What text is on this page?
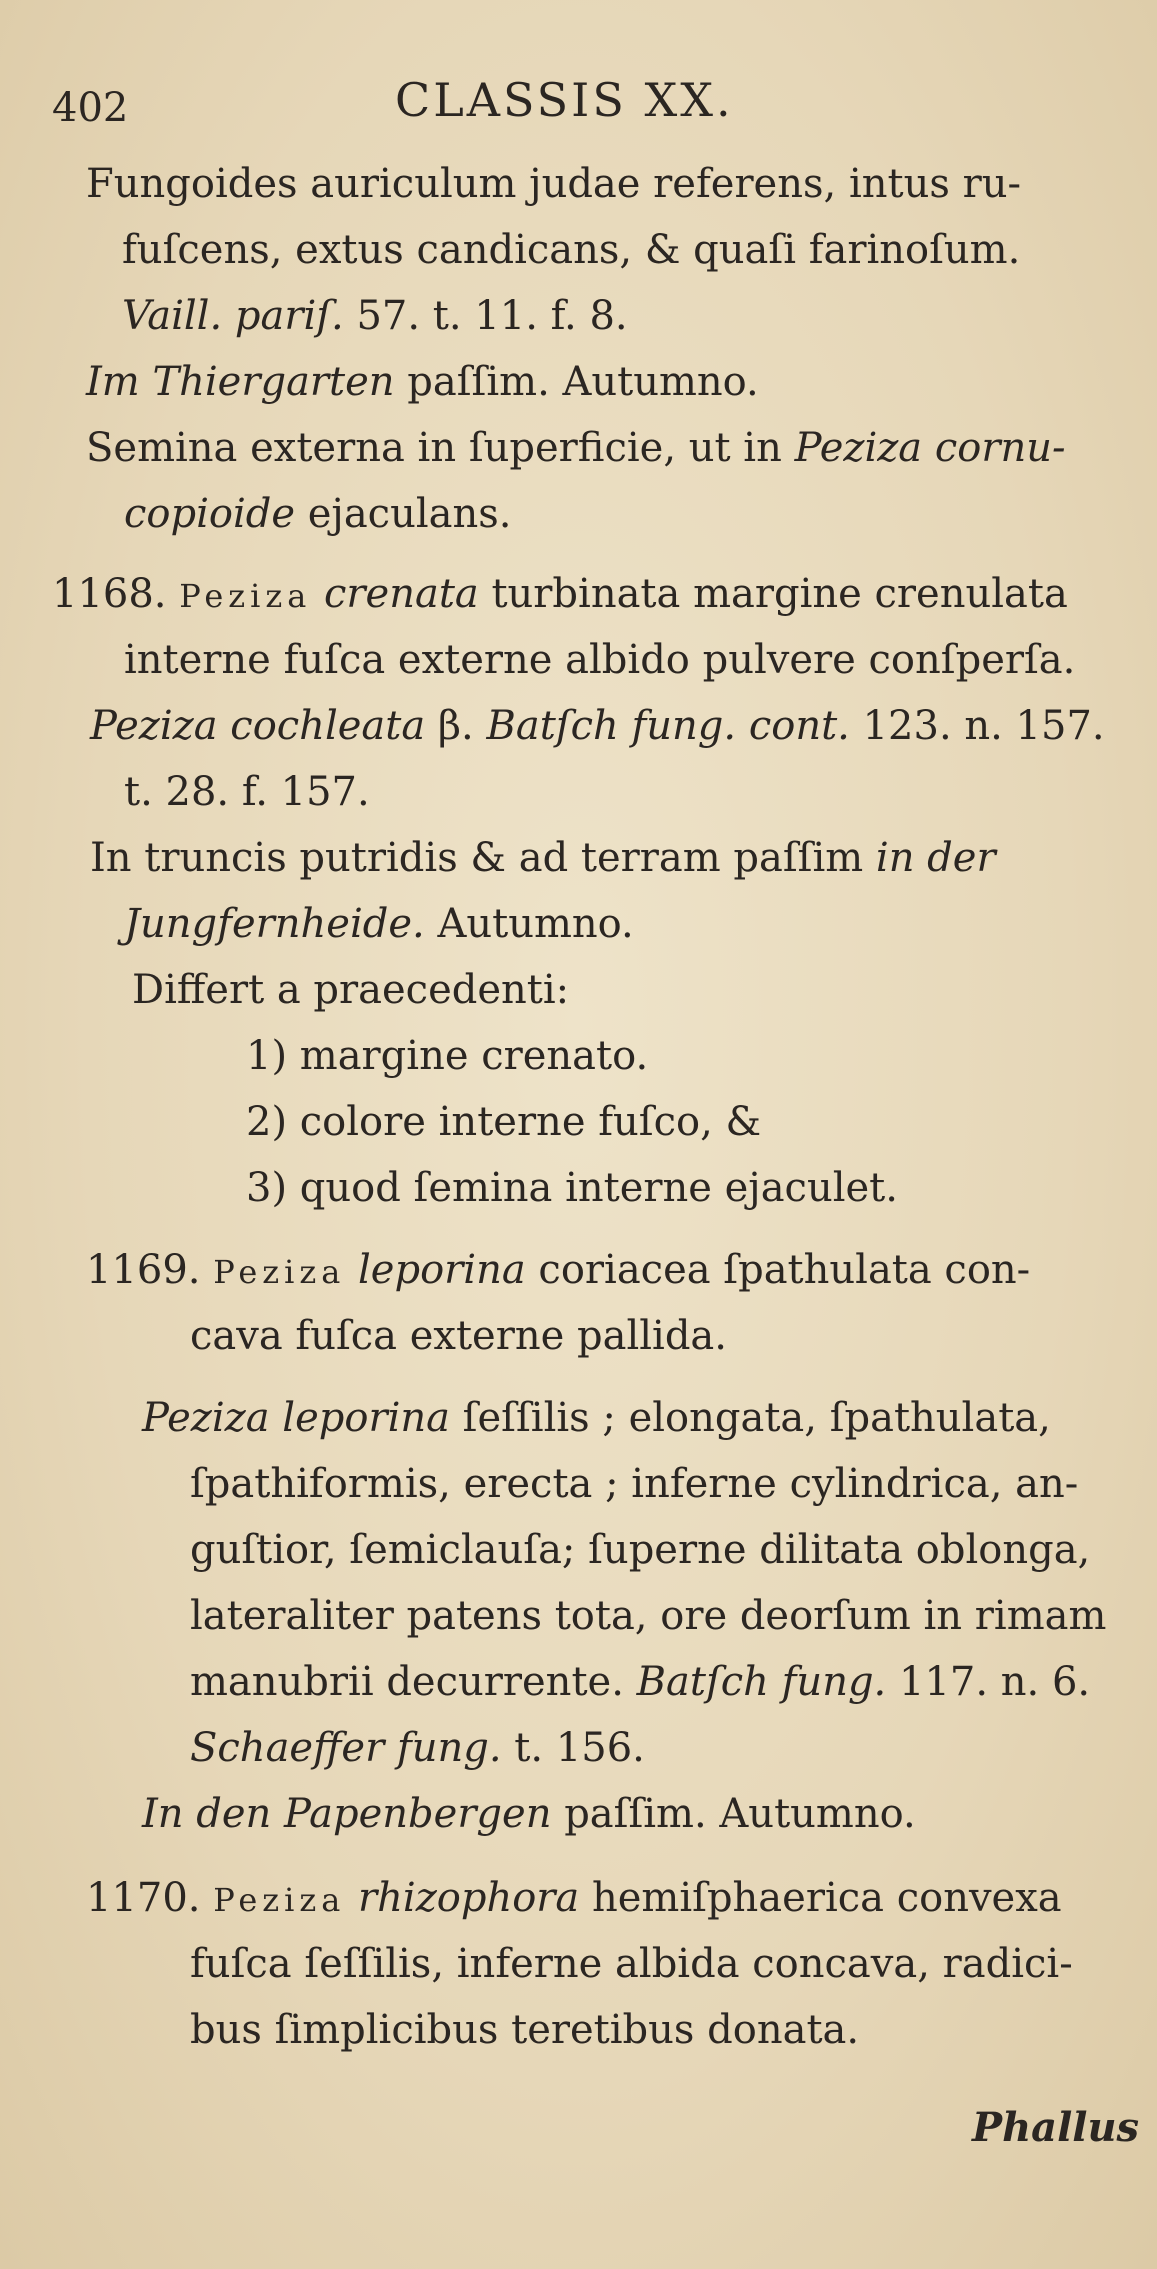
402	CLASSIS XX.
Fungoides auriculum judae referens, intus ru-
fuſcens, extus candicans, & quaſi farinoſum.
Vaill. pariſ. 57. t. 11. f. 8.
Im Thiergarten paſſim. Autumno.
Semina externa in ſuperficie, ut in Peziza cornu-
copioide ejaculans.
1168. Peziza crenata turbinata margine crenulata
interne fuſca externe albido pulvere conſperſa.
Peziza cochleata β. Batſch fung. cont. 123. n. 157.
t. 28. f. 157.
In truncis putridis & ad terram paſſim in der
Jungfernheide. Autumno.
Differt a praecedenti:
1) margine crenato.
2) colore interne fuſco, &
3) quod ſemina interne ejaculet.
1169. Peziza leporina coriacea ſpathulata con-
cava fuſca externe pallida.
Peziza leporina ſeſſilis ; elongata, ſpathulata,
ſpathiformis, erecta ; inferne cylindrica, an-
guſtior, ſemiclauſa; ſuperne dilitata oblonga,
lateraliter patens tota, ore deorſum in rimam
manubrii decurrente. Batſch fung. 117. n. 6.
Schaeffer fung. t. 156.
In den Papenbergen paſſim. Autumno.
1170. Peziza rhizophora hemiſphaerica convexa
fuſca ſeſſilis, inferne albida concava, radici-
bus ſimplicibus teretibus donata.
Phallus
